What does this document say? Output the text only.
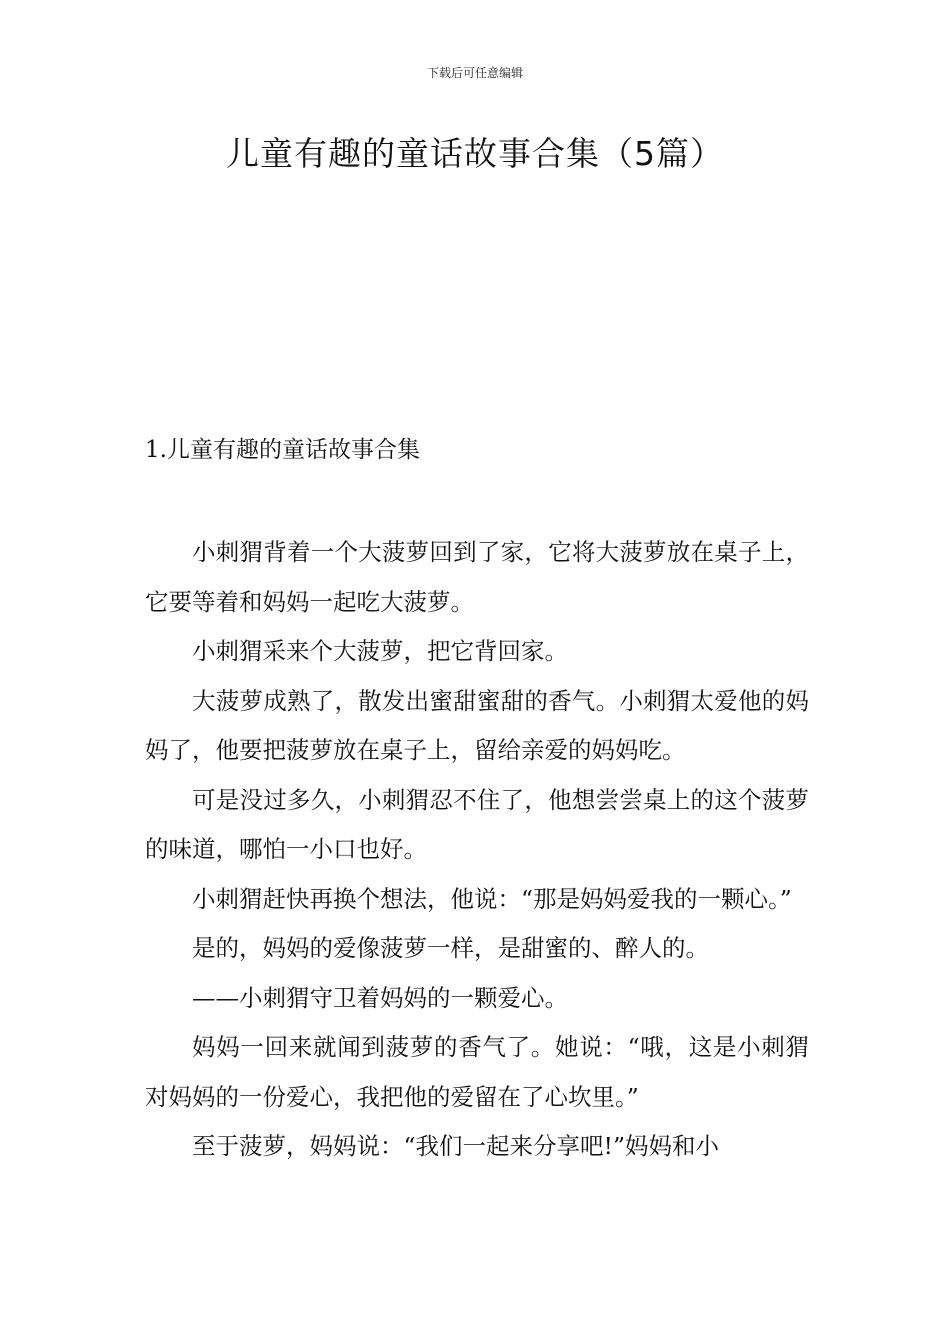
下载后可任意编辑
儿童有趣的童话故事合集（5篇）
1.儿童有趣的童话故事合集

小刺猬背着一个大菠萝回到了家，它将大菠萝放在桌子上，它要等着和妈妈一起吃大菠萝。

小刺猬采来个大菠萝，把它背回家。

大菠萝成熟了，散发出蜜甜蜜甜的香气。小刺猬太爱他的妈妈了，他要把菠萝放在桌子上，留给亲爱的妈妈吃。

可是没过多久，小刺猬忍不住了，他想尝尝桌上的这个菠萝的味道，哪怕一小口也好。

小刺猬赶快再换个想法，他说：“那是妈妈爱我的一颗心。”

是的，妈妈的爱像菠萝一样，是甜蜜的、醉人的。

——小刺猬守卫着妈妈的一颗爱心。

妈妈一回来就闻到菠萝的香气了。她说：“哦，这是小刺猬对妈妈的一份爱心，我把他的爱留在了心坎里。”

至于菠萝，妈妈说：“我们一起来分享吧!”妈妈和小
